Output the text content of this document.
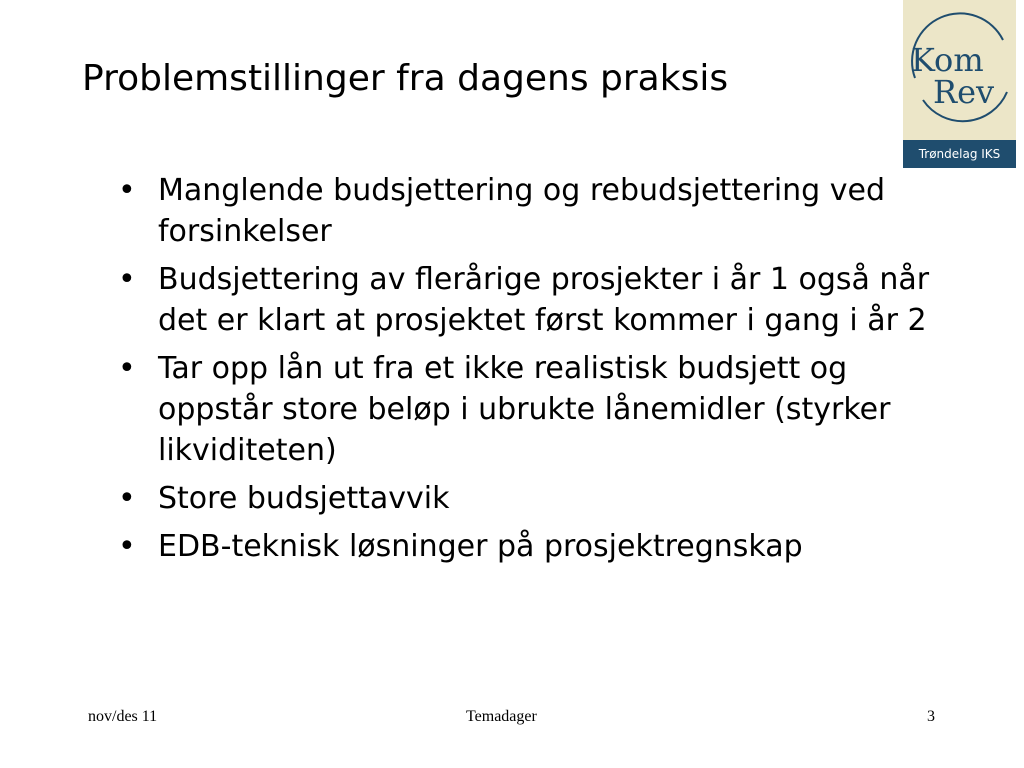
Problemstillinger fra dagens praksis	Kom
Rev
Trøndelag IKS
• Manglende budsjettering og rebudsjettering ved forsinkelser
• Budsjettering av flerårige prosjekter i år 1 også når det er klart at prosjektet først kommer i gang i år 2
• Tar opp lån ut fra et ikke realistisk budsjett og oppstår store beløp i ubrukte lånemidler (styrker likviditeten)
• Store budsjettavvik
• EDB-teknisk løsninger på prosjektregnskap
nov/des 11	Temadager	3
